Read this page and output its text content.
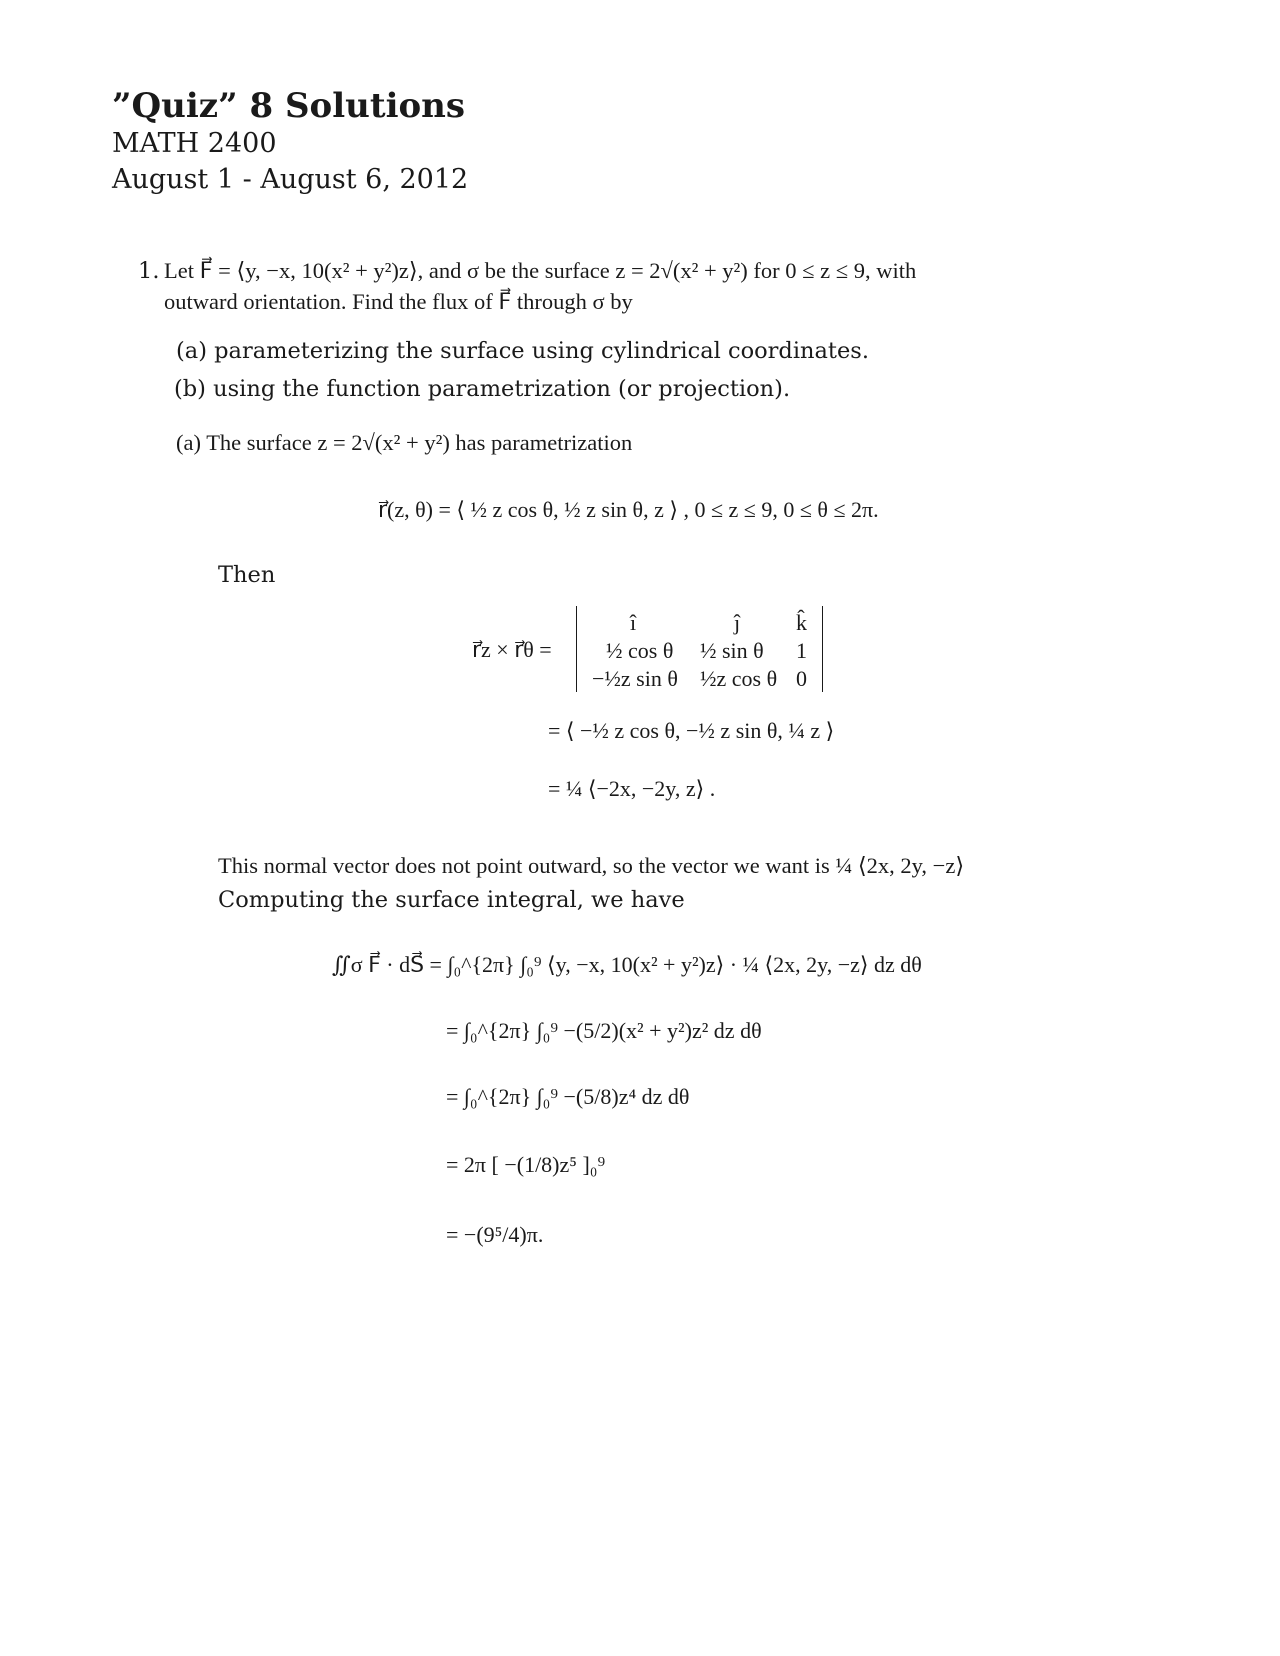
”Quiz” 8 Solutions
MATH 2400
August 1 - August 6, 2012
1. Let F⃗ = ⟨y, −x, 10(x² + y²)z⟩, and σ be the surface z = 2√(x² + y²) for 0 ≤ z ≤ 9, with
outward orientation. Find the flux of F⃗ through σ by
(a) parameterizing the surface using cylindrical coordinates.
(b) using the function parametrization (or projection).
(a) The surface z = 2√(x² + y²) has parametrization
r⃗(z, θ) = ⟨ ½ z cos θ, ½ z sin θ, z ⟩ , 0 ≤ z ≤ 9, 0 ≤ θ ≤ 2π.
Then
r⃗z × r⃗θ =
î	ĵ	k̂
½ cos θ ½ sin θ 1
−½z sin θ ½z cos θ 0
= ⟨ −½ z cos θ, −½ z sin θ, ¼ z ⟩
= ¼ ⟨−2x, −2y, z⟩ .
This normal vector does not point outward, so the vector we want is ¼ ⟨2x, 2y, −z⟩
Computing the surface integral, we have
∬σ F⃗ · dS⃗ = ∫₀^{2π} ∫₀⁹ ⟨y, −x, 10(x² + y²)z⟩ · ¼ ⟨2x, 2y, −z⟩ dz dθ
= ∫₀^{2π} ∫₀⁹ −(5/2)(x² + y²)z² dz dθ
= ∫₀^{2π} ∫₀⁹ −(5/8)z⁴ dz dθ
= 2π [ −(1/8)z⁵ ]₀⁹
= −(9⁵/4)π.
